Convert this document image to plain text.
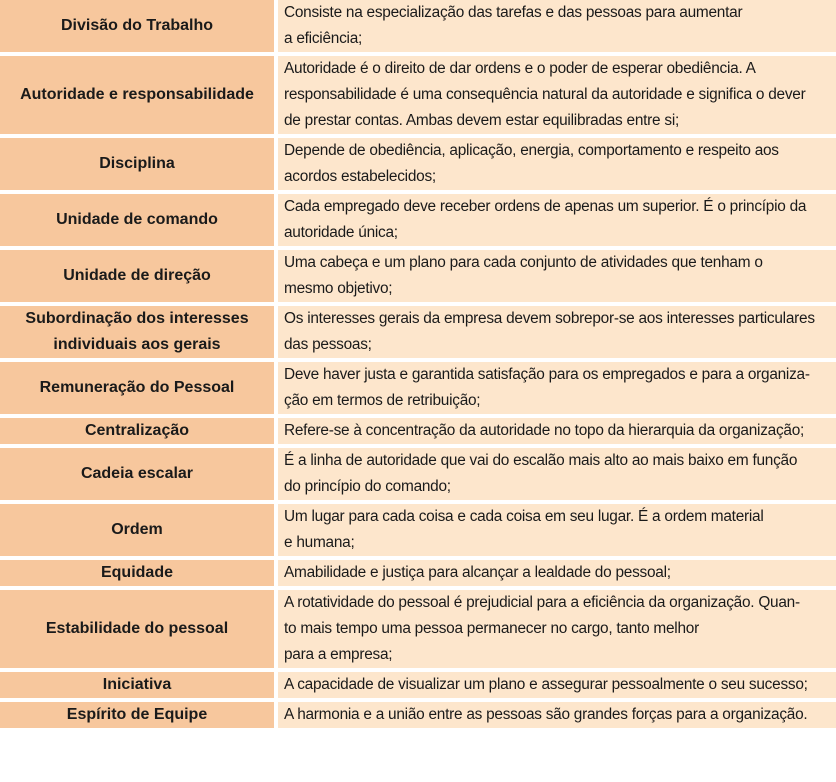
Divisão do Trabalho	Consiste na especialização das tarefas e das pessoas para aumentar
a eficiência;

Autoridade e responsabilidade	Autoridade é o direito de dar ordens e o poder de esperar obediência. A
responsabilidade é uma consequência natural da autoridade e significa o dever
de prestar contas. Ambas devem estar equilibradas entre si;

Disciplina	Depende de obediência, aplicação, energia, comportamento e respeito aos
acordos estabelecidos;

Unidade de comando	Cada empregado deve receber ordens de apenas um superior. É o princípio da
autoridade única;

Unidade de direção	Uma cabeça e um plano para cada conjunto de atividades que tenham o
mesmo objetivo;

Subordinação dos interesses
individuais aos gerais	Os interesses gerais da empresa devem sobrepor-se aos interesses particulares
das pessoas;

Remuneração do Pessoal	Deve haver justa e garantida satisfação para os empregados e para a organiza-
ção em termos de retribuição;

Centralização	Refere-se à concentração da autoridade no topo da hierarquia da organização;

Cadeia escalar	É a linha de autoridade que vai do escalão mais alto ao mais baixo em função
do princípio do comando;

Ordem	Um lugar para cada coisa e cada coisa em seu lugar. É a ordem material
e humana;

Equidade	Amabilidade e justiça para alcançar a lealdade do pessoal;

Estabilidade do pessoal	A rotatividade do pessoal é prejudicial para a eficiência da organização. Quan-
to mais tempo uma pessoa permanecer no cargo, tanto melhor
para a empresa;

Iniciativa	A capacidade de visualizar um plano e assegurar pessoalmente o seu sucesso;

Espírito de Equipe	A harmonia e a união entre as pessoas são grandes forças para a organização.
